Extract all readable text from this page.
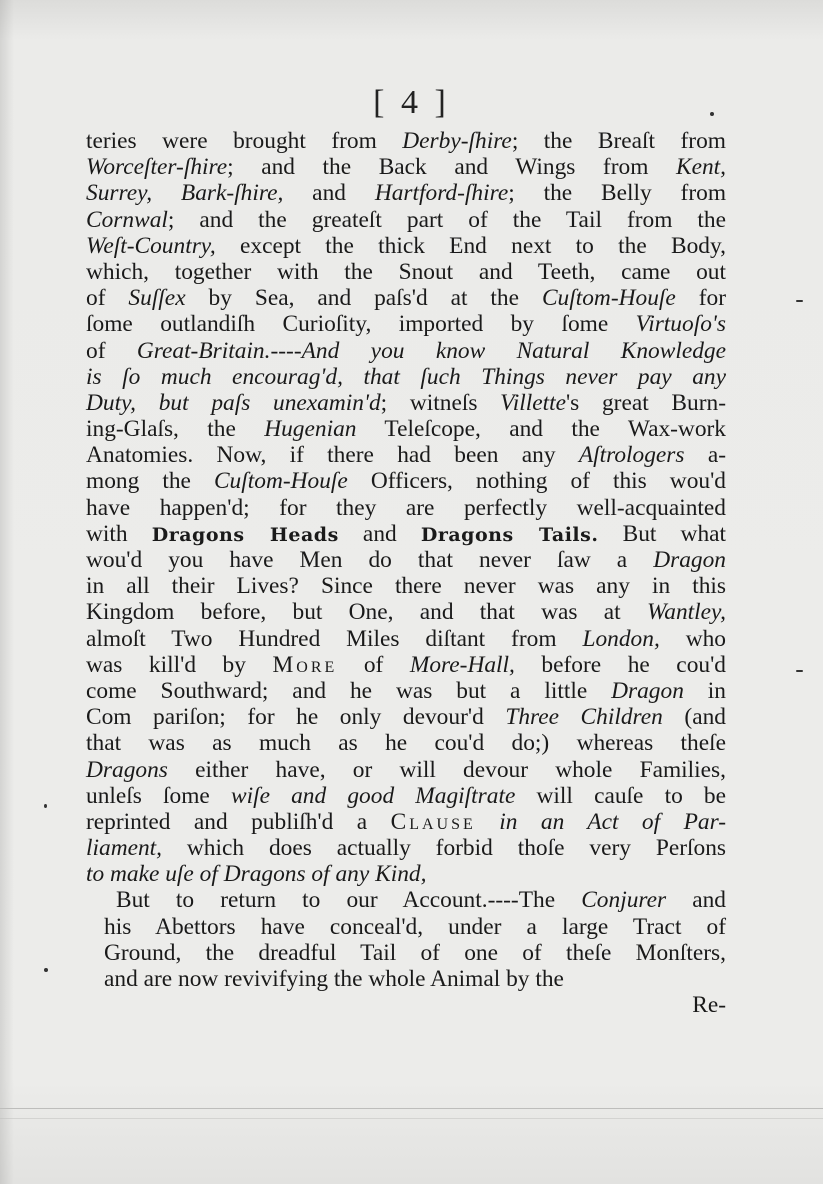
[ 4 ]
teries were brought from Derby-ſhire; the Breaſt from
Worceſter-ſhire; and the Back and Wings from Kent,
Surrey, Bark-ſhire, and Hartford-ſhire; the Belly from
Cornwal; and the greateſt part of the Tail from the
Weſt-Country, except the thick End next to the Body,
which, together with the Snout and Teeth, came out
of Suſſex by Sea, and paſs'd at the Cuſtom-Houſe for
ſome outlandiſh Curioſity, imported by ſome Virtuoſo's
of Great-Britain.----And you know Natural Knowledge
is ſo much encourag'd, that ſuch Things never pay any
Duty, but paſs unexamin'd; witneſs Villette's great Burn-
ing-Glaſs, the Hugenian Teleſcope, and the Wax-work
Anatomies. Now, if there had been any Aſtrologers a-
mong the Cuſtom-Houſe Officers, nothing of this wou'd
have happen'd; for they are perfectly well-acquainted
with Dragons Heads and Dragons Tails. But what
wou'd you have Men do that never ſaw a Dragon
in all their Lives? Since there never was any in this
Kingdom before, but One, and that was at Wantley,
almoſt Two Hundred Miles diſtant from London, who
was kill'd by More of More-Hall, before he cou'd
come Southward; and he was but a little Dragon in
Com pariſon; for he only devour'd Three Children (and
that was as much as he cou'd do;) whereas theſe
Dragons either have, or will devour whole Families,
unleſs ſome wiſe and good Magiſtrate will cauſe to be
reprinted and publiſh'd a Clause in an Act of Par-
liament, which does actually forbid thoſe very Perſons
to make uſe of Dragons of any Kind,
But to return to our Account.----The Conjurer and
his Abettors have conceal'd, under a large Tract of
Ground, the dreadful Tail of one of theſe Monſters,
and are now revivifying the whole Animal by the
Re-
